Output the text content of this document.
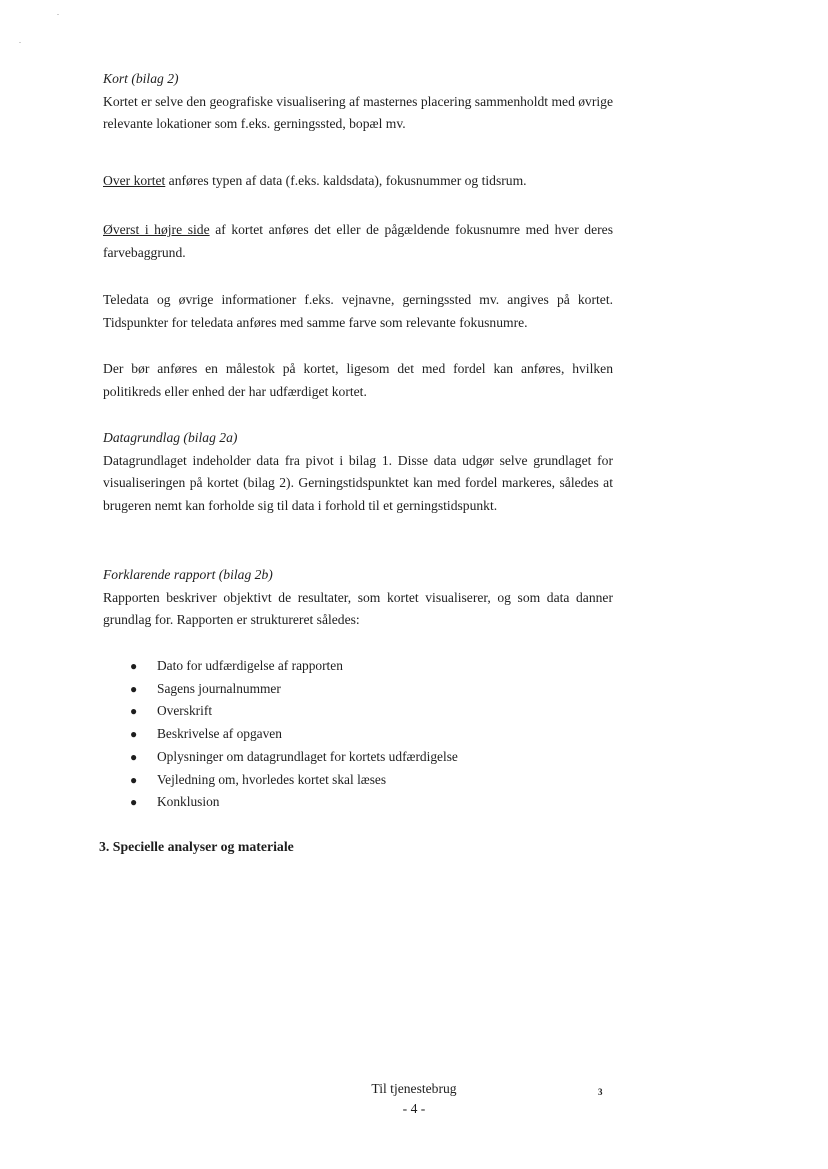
Kort (bilag 2)

Kortet er selve den geografiske visualisering af masternes placering sammenholdt med øvrige relevante lokationer som f.eks. gerningssted, bopæl mv.

Over kortet anføres typen af data (f.eks. kaldsdata), fokusnummer og tidsrum.

Øverst i højre side af kortet anføres det eller de pågældende fokusnumre med hver deres farvebaggrund.

Teledata og øvrige informationer f.eks. vejnavne, gerningssted mv. angives på kortet. Tidspunkter for teledata anføres med samme farve som relevante fokusnumre.

Der bør anføres en målestok på kortet, ligesom det med fordel kan anføres, hvilken politikreds eller enhed der har udfærdiget kortet.

Datagrundlag (bilag 2a)

Datagrundlaget indeholder data fra pivot i bilag 1. Disse data udgør selve grundlaget for visualiseringen på kortet (bilag 2). Gerningstidspunktet kan med fordel markeres, således at brugeren nemt kan forholde sig til data i forhold til et gerningstidspunkt.

Forklarende rapport (bilag 2b)

Rapporten beskriver objektivt de resultater, som kortet visualiserer, og som data danner grundlag for. Rapporten er struktureret således:

● Dato for udfærdigelse af rapporten
● Sagens journalnummer
● Overskrift
● Beskrivelse af opgaven
● Oplysninger om datagrundlaget for kortets udfærdigelse
● Vejledning om, hvorledes kortet skal læses
● Konklusion
3. Specielle analyser og materiale
Til tjenestebrug
- 4 -
3
